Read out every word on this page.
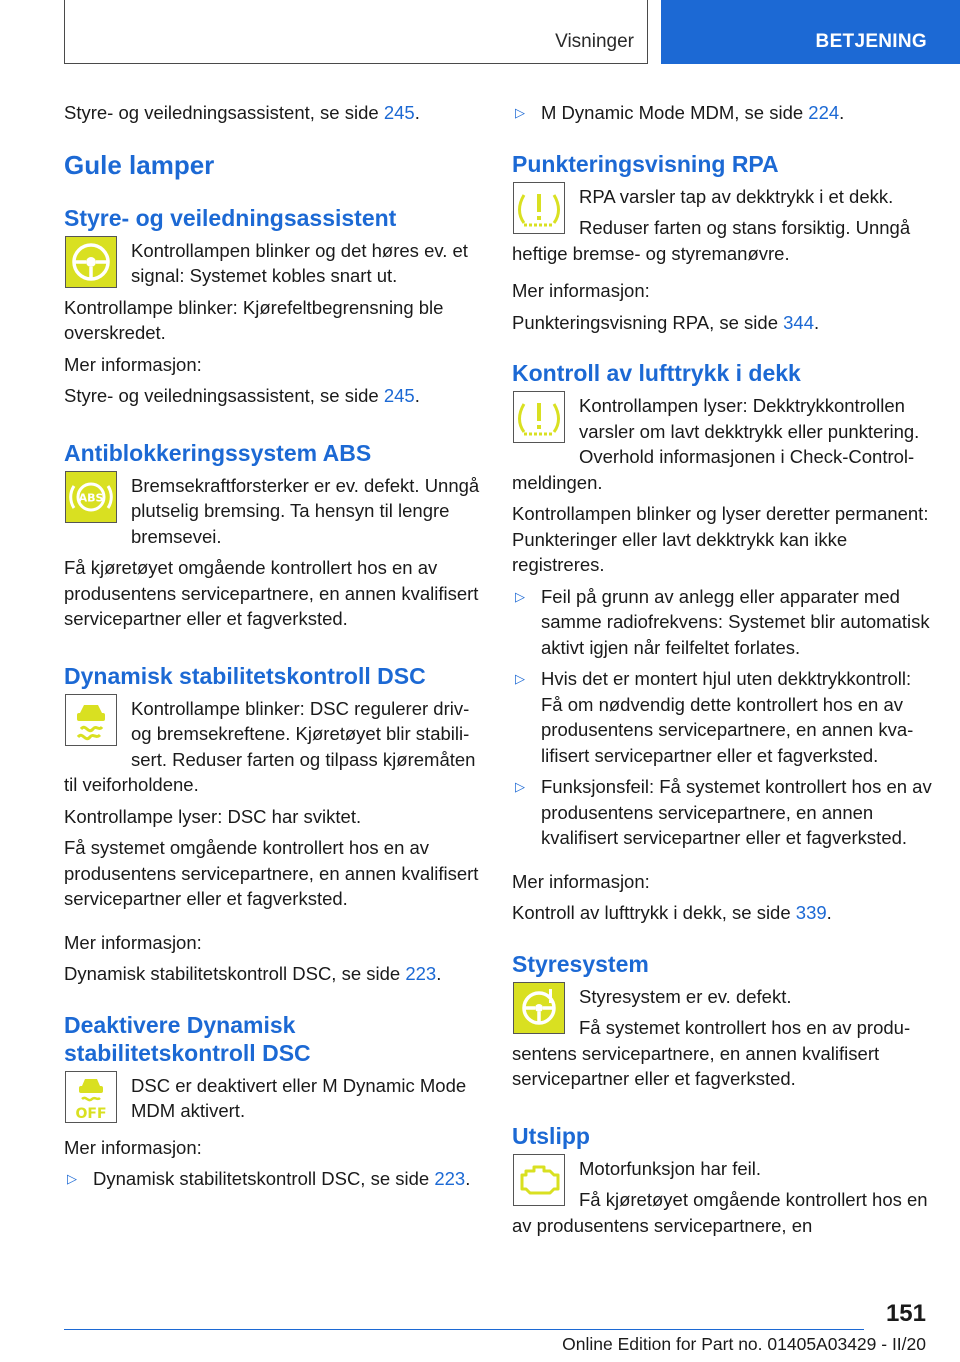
Visninger	BETJENING

Styre- og veiledningsassistent, se side 245.

Gule lamper
Styre- og veiledningsassistent

Kontrollampen blinker og det høres ev. et signal: Systemet kobles snart ut.

Kontrollampe blinker: Kjørefeltbegrensning ble overskredet.

Mer informasjon:

Styre- og veiledningsassistent, se side 245.

Antiblokkeringssystem ABS
ABS

Bremsekraftforsterker er ev. defekt. Unngå plutselig bremsing. Ta hensyn til lengre bremsevei.

Få kjøretøyet omgående kontrollert hos en av produsentens servicepartnere, en annen kvalifisert servicepartner eller et fagverksted.

Dynamisk stabilitetskontroll DSC

Kontrollampe blinker: DSC regulerer driv- og bremsekreftene. Kjøretøyet blir stabilisert. Reduser farten og tilpass kjøremåten til veiforholdene.

Kontrollampe lyser: DSC har sviktet.

Få systemet omgående kontrollert hos en av produsentens servicepartnere, en annen kvalifisert servicepartner eller et fagverksted.

Mer informasjon:

Dynamisk stabilitetskontroll DSC, se side 223.

Deaktivere Dynamisk stabilitetskontroll DSC
OFF

DSC er deaktivert eller M Dynamic Mode MDM aktivert.

Mer informasjon:

▷ Dynamisk stabilitetskontroll DSC, se side 223.

▷ M Dynamic Mode MDM, se side 224.

Punkteringsvisning RPA

RPA varsler tap av dekktrykk i et dekk.

Reduser farten og stans forsiktig. Unngå heftige bremse- og styremanøvre.

Mer informasjon:

Punkteringsvisning RPA, se side 344.

Kontroll av lufttrykk i dekk

Kontrollampen lyser: Dekktrykkontrollen varsler om lavt dekktrykk eller punktering. Overhold informasjonen i Check-Control-meldingen.

Kontrollampen blinker og lyser deretter permanent: Punkteringer eller lavt dekktrykk kan ikke registreres.

▷ Feil på grunn av anlegg eller apparater med samme radiofrekvens: Systemet blir automatisk aktivt igjen når feilfeltet forlates.

▷ Hvis det er montert hjul uten dekktrykkontroll: Få om nødvendig dette kontrollert hos en av produsentens servicepartnere, en annen kvalifisert servicepartner eller et fagverksted.

▷ Funksjonsfeil: Få systemet kontrollert hos en av produsentens servicepartnere, en annen kvalifisert servicepartner eller et fagverksted.

Mer informasjon:

Kontroll av lufttrykk i dekk, se side 339.

Styresystem

Styresystem er ev. defekt.

Få systemet kontrollert hos en av produsentens servicepartnere, en annen kvalifisert servicepartner eller et fagverksted.

Utslipp

Motorfunksjon har feil.

Få kjøretøyet omgående kontrollert hos en av produsentens servicepartnere, en

151
Online Edition for Part no. 01405A03429 - II/20
